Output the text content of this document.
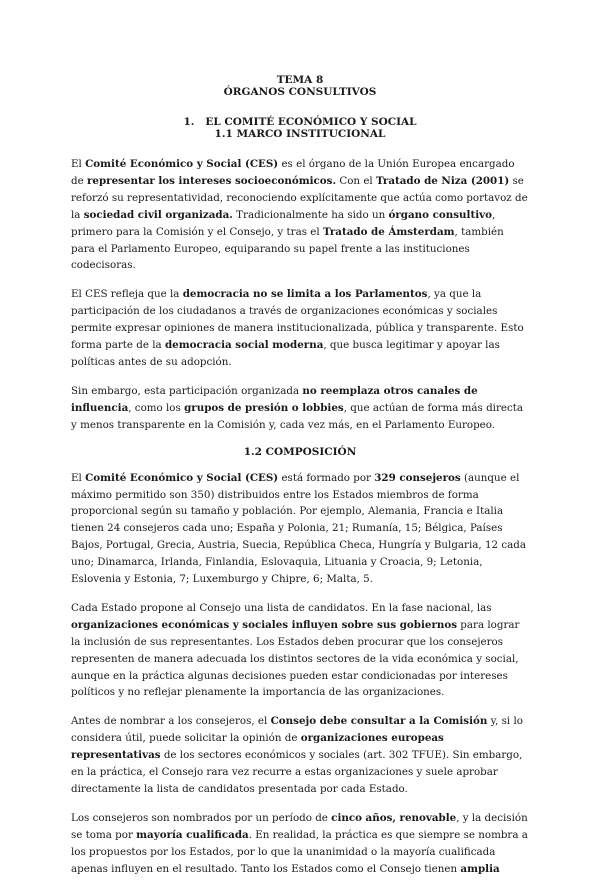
TEMA 8
ÓRGANOS CONSULTIVOS
1.   EL COMITÉ ECONÓMICO Y SOCIAL
1.1 MARCO INSTITUCIONAL

El Comité Económico y Social (CES) es el órgano de la Unión Europea encargado de representar los intereses socioeconómicos. Con el Tratado de Niza (2001) se reforzó su representatividad, reconociendo explícitamente que actúa como portavoz de la sociedad civil organizada. Tradicionalmente ha sido un órgano consultivo, primero para la Comisión y el Consejo, y tras el Tratado de Ámsterdam, también para el Parlamento Europeo, equiparando su papel frente a las instituciones codecisoras.

El CES refleja que la democracia no se limita a los Parlamentos, ya que la participación de los ciudadanos a través de organizaciones económicas y sociales permite expresar opiniones de manera institucionalizada, pública y transparente. Esto forma parte de la democracia social moderna, que busca legitimar y apoyar las políticas antes de su adopción.

Sin embargo, esta participación organizada no reemplaza otros canales de influencia, como los grupos de presión o lobbies, que actúan de forma más directa y menos transparente en la Comisión y, cada vez más, en el Parlamento Europeo.

1.2 COMPOSICIÓN

El Comité Económico y Social (CES) está formado por 329 consejeros (aunque el máximo permitido son 350) distribuidos entre los Estados miembros de forma proporcional según su tamaño y población. Por ejemplo, Alemania, Francia e Italia tienen 24 consejeros cada uno; España y Polonia, 21; Rumanía, 15; Bélgica, Países Bajos, Portugal, Grecia, Austria, Suecia, República Checa, Hungría y Bulgaria, 12 cada uno; Dinamarca, Irlanda, Finlandia, Eslovaquia, Lituania y Croacia, 9; Letonia, Eslovenia y Estonia, 7; Luxemburgo y Chipre, 6; Malta, 5.

Cada Estado propone al Consejo una lista de candidatos. En la fase nacional, las organizaciones económicas y sociales influyen sobre sus gobiernos para lograr la inclusión de sus representantes. Los Estados deben procurar que los consejeros representen de manera adecuada los distintos sectores de la vida económica y social, aunque en la práctica algunas decisiones pueden estar condicionadas por intereses políticos y no reflejar plenamente la importancia de las organizaciones.

Antes de nombrar a los consejeros, el Consejo debe consultar a la Comisión y, si lo considera útil, puede solicitar la opinión de organizaciones europeas representativas de los sectores económicos y sociales (art. 302 TFUE). Sin embargo, en la práctica, el Consejo rara vez recurre a estas organizaciones y suele aprobar directamente la lista de candidatos presentada por cada Estado.

Los consejeros son nombrados por un período de cinco años, renovable, y la decisión se toma por mayoría cualificada. En realidad, la práctica es que siempre se nombra a los propuestos por los Estados, por lo que la unanimidad o la mayoría cualificada apenas influyen en el resultado. Tanto los Estados como el Consejo tienen amplia
